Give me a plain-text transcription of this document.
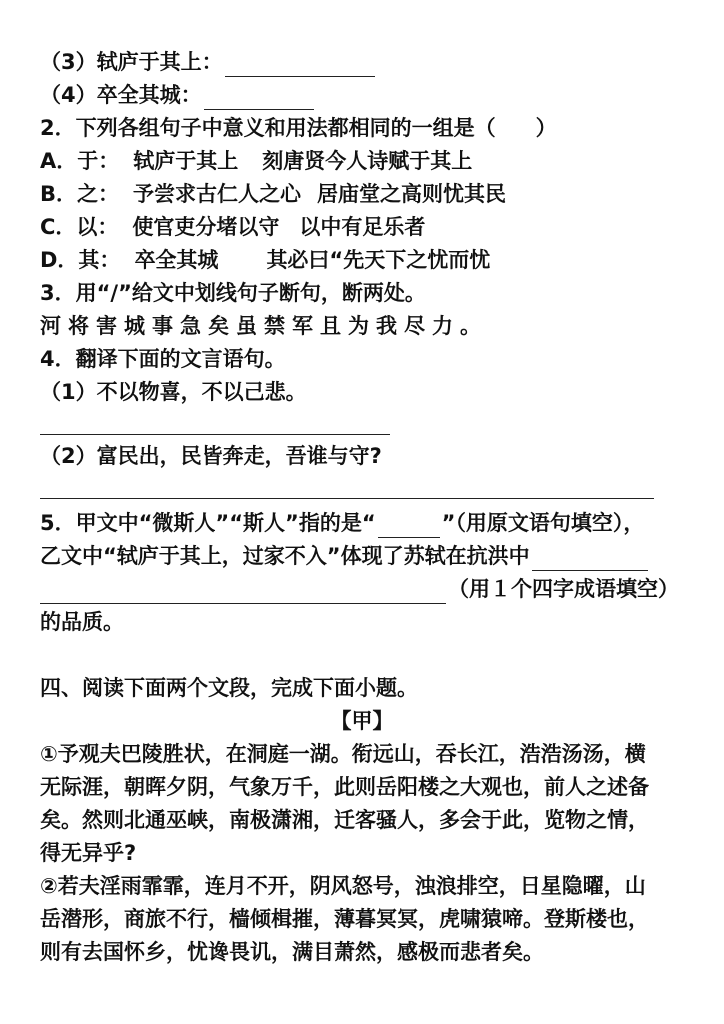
（3）轼庐于其上：
（4）卒全其城：
2．下列各组句子中意义和用法都相同的一组是（ ）
A．于： 轼庐于其上 刻唐贤今人诗赋于其上
B．之： 予尝求古仁人之心 居庙堂之高则忧其民
C．以： 使官吏分堵以守 以中有足乐者
D．其： 卒全其城 其必曰“先天下之忧而忧
3．用“/”给文中划线句子断句，断两处。
河将害城事急矣虽禁军且为我尽力。
4．翻译下面的文言语句。
（1）不以物喜，不以己悲。
（2）富民出，民皆奔走，吾谁与守?
5．甲文中“微斯人”“斯人”指的是“	”（用原文语句填空），
乙文中“轼庐于其上，过家不入”体现了苏轼在抗洪中
（用１个四字成语填空）
的品质。
四、阅读下面两个文段，完成下面小题。
【甲】
①予观夫巴陵胜状，在洞庭一湖。衔远山，吞长江，浩浩汤汤，横
无际涯，朝晖夕阴，气象万千，此则岳阳楼之大观也，前人之述备
矣。然则北通巫峡，南极潇湘，迁客骚人，多会于此，览物之情，
得无异乎?
②若夫淫雨霏霏，连月不开，阴风怒号，浊浪排空，日星隐曜，山
岳潜形，商旅不行，樯倾楫摧，薄暮冥冥，虎啸猿啼。登斯楼也，
则有去国怀乡，忧谗畏讥，满目萧然，感极而悲者矣。
